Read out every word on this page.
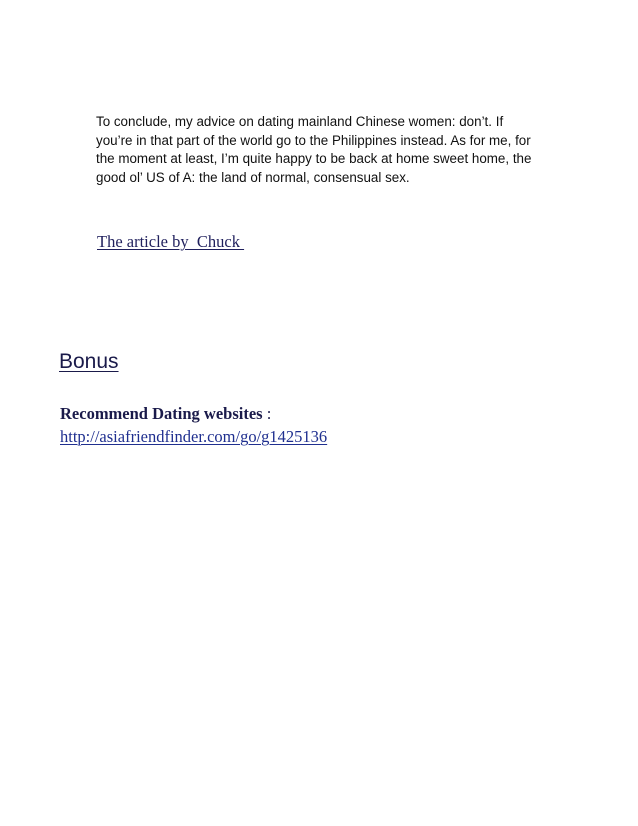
To conclude, my advice on dating mainland Chinese women: don’t. If
you’re in that part of the world go to the Philippines instead. As for me, for
the moment at least, I’m quite happy to be back at home sweet home, the
good ol’ US of A: the land of normal, consensual sex.

The article by  Chuck
Bonus
Recommend Dating websites :
http://asiafriendfinder.com/go/g1425136
